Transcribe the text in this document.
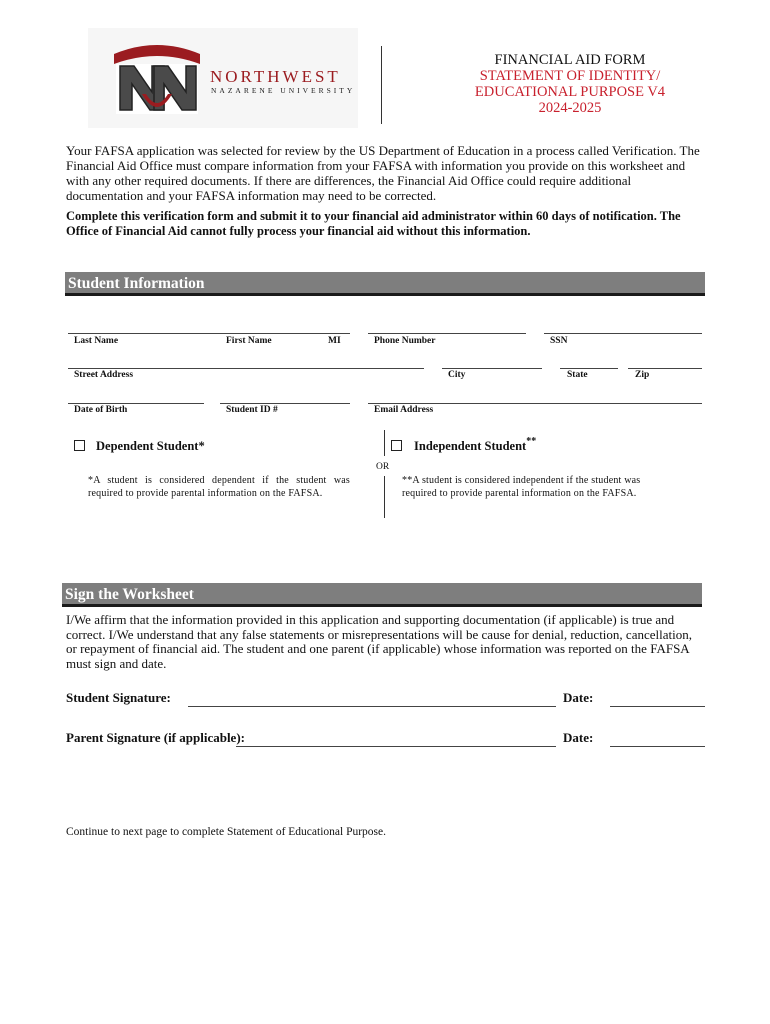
NORTHWEST
NAZARENE UNIVERSITY
FINANCIAL AID FORM
STATEMENT OF IDENTITY/
EDUCATIONAL PURPOSE V4
2024-2025
Your FAFSA application was selected for review by the US Department of Education in a process called Verification. The Financial Aid Office must compare information from your FAFSA with information you provide on this worksheet and with any other required documents. If there are differences, the Financial Aid Office could require additional documentation and your FAFSA information may need to be corrected.
Complete this verification form and submit it to your financial aid administrator within 60 days of notification. The Office of Financial Aid cannot fully process your financial aid without this information.
Student Information
Last Name	First Name	MI	Phone Number	SSN
Street Address	City	State	Zip
Date of Birth	Student ID #	Email Address
Dependent Student*
*A student is considered dependent if the student was required to provide parental information on the FAFSA.
OR
Independent Student**
**A student is considered independent if the student was required to provide parental information on the FAFSA.
Sign the Worksheet
I/We affirm that the information provided in this application and supporting documentation (if applicable) is true and correct. I/We understand that any false statements or misrepresentations will be cause for denial, reduction, cancellation, or repayment of financial aid. The student and one parent (if applicable) whose information was reported on the FAFSA must sign and date.
Student Signature:	Date:
Parent Signature (if applicable):	Date:
Continue to next page to complete Statement of Educational Purpose.
